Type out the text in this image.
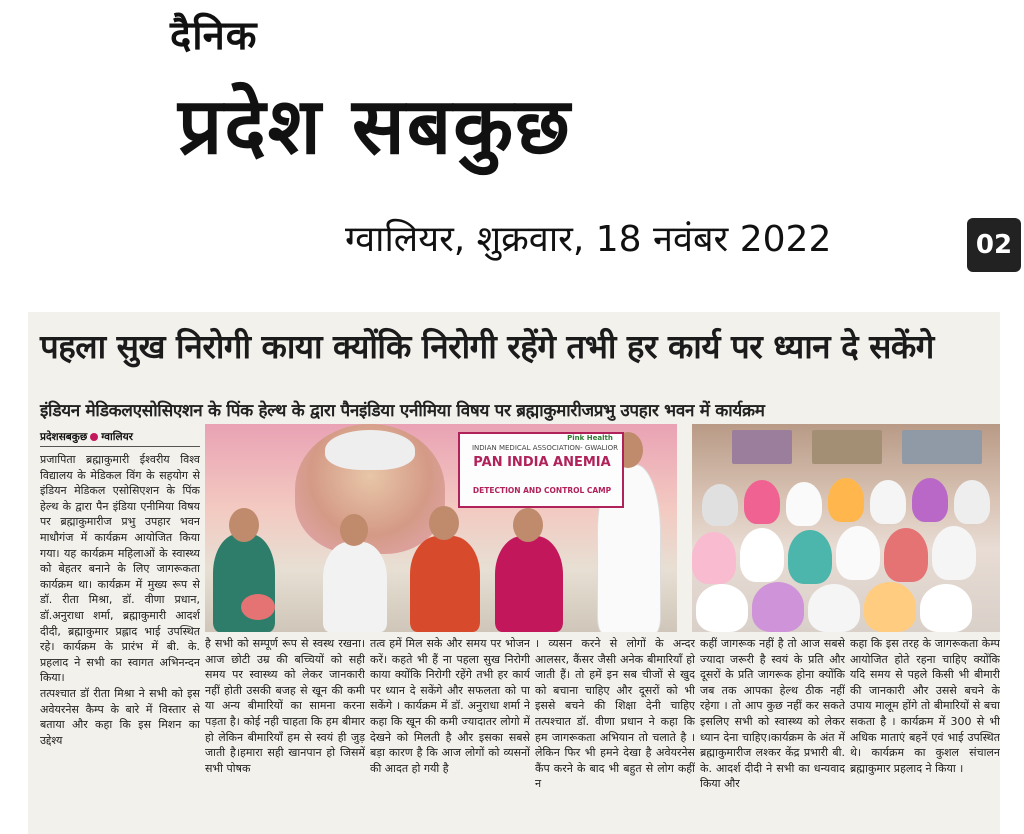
दैनिक
प्रदेश सबकुछ
ग्वालियर, शुक्रवार, 18 नवंबर 2022	02
पहला सुख निरोगी काया क्योंकि निरोगी रहेंगे तभी हर कार्य पर ध्यान दे सकेंगे
इंडियन मेडिकलएसोसिएशन के पिंक हेल्थ के द्वारा पैनइंडिया एनीमिया विषय पर ब्रह्माकुमारीजप्रभु उपहार भवन में कार्यक्रम
प्रदेशसबकुछ ग्वालियर
प्रजापिता ब्रह्माकुमारी ईश्वरीय विश्व विद्यालय के मेडिकल विंग के सहयोग से इंडियन मेडिकल एसोसिएशन के पिंक हेल्थ के द्वारा पैन इंडिया एनीमिया विषय पर ब्रह्माकुमारीज प्रभु उपहार भवन माधौगंज में कार्यक्रम आयोजित किया गया। यह कार्यक्रम महिलाओं के स्वास्थ्य को बेहतर बनाने के लिए जागरूकता कार्यक्रम था। कार्यक्रम में मुख्य रूप से डॉ. रीता मिश्रा, डॉ. वीणा प्रधान, डॉ.अनुराधा शर्मा, ब्रह्माकुमारी आदर्श दीदी, ब्रह्माकुमार प्रह्लाद भाई उपस्थित रहे। कार्यक्रम के प्रारंभ में बी. के. प्रहलाद ने सभी का स्वागत अभिनन्दन किया।
तत्पश्चात डॉ रीता मिश्रा ने सभी को इस अवेयरनेस कैम्प के बारे में विस्तार से बताया और कहा कि इस मिशन का उद्देश्य
है सभी को सम्पूर्ण रूप से स्वस्थ रखना। आज छोटी उम्र की बच्चियों को सही समय पर स्वास्थ्य को लेकर जानकारी नहीं होती उसकी बजह से खून की कमी या अन्य बीमारियों का सामना करना पड़ता है। कोई नही चाहता कि हम बीमार हो लेकिन बीमारियाँ हम से स्वयं ही जुड़ जाती है।हमारा सही खानपान हो जिसमें सभी पोषक
तत्व हमें मिल सके और समय पर भोजन करें। कहते भी हैं ना पहला सुख निरोगी काया क्योंकि निरोगी रहेंगे तभी हर कार्य पर ध्यान दे सकेंगे और सफलता को पा सकेंगे । कार्यक्रम में डॉ. अनुराधा शर्मा ने कहा कि खून की कमी ज्यादातर लोगो में देखने को मिलती है और इसका सबसे बड़ा कारण है कि आज लोगों को व्यसनों की आदत हो गयी है
। व्यसन करने से लोगों के अन्दर आलसर, कैंसर जैसी अनेक बीमारियाँ हो जाती हैं। तो हमें इन सब चीजों से खुद को बचाना चाहिए और दूसरों को भी इससे बचने की शिक्षा देनी चाहिए तत्पश्चात डॉ. वीणा प्रधान ने कहा कि हम जागरूकता अभियान तो चलाते है । लेकिन फिर भी हमने देखा है अवेयरनेस कैंप करने के बाद भी बहुत से लोग कहीं न
कहीं जागरूक नहीं है तो आज सबसे ज्यादा जरूरी है स्वयं के प्रति और दूसरों के प्रति जागरूक होना क्योंकि जब तक आपका हेल्थ ठीक नहीं रहेगा । तो आप कुछ नहीं कर सकते इसलिए सभी को स्वास्थ्य को लेकर ध्यान देना चाहिए।कार्यक्रम के अंत में ब्रह्माकुमारीज लश्कर केंद्र प्रभारी बी. के. आदर्श दीदी ने सभी का धन्यवाद किया और
कहा कि इस तरह के जागरूकता केम्प आयोजित होते रहना चाहिए क्योंकि यदि समय से पहले किसी भी बीमारी की जानकारी और उससे बचने के उपाय मालूम होंगे तो बीमारियों से बचा सकता है । कार्यक्रम में 300 से भी अधिक माताएं बहनें एवं भाई उपस्थित थे। कार्यक्रम का कुशल संचालन ब्रह्माकुमार प्रहलाद ने किया ।
INDIAN MEDICAL ASSOCIATION- GWALIOR
Pink Health
PAN INDIA ANEMIA
DETECTION AND CONTROL CAMP
